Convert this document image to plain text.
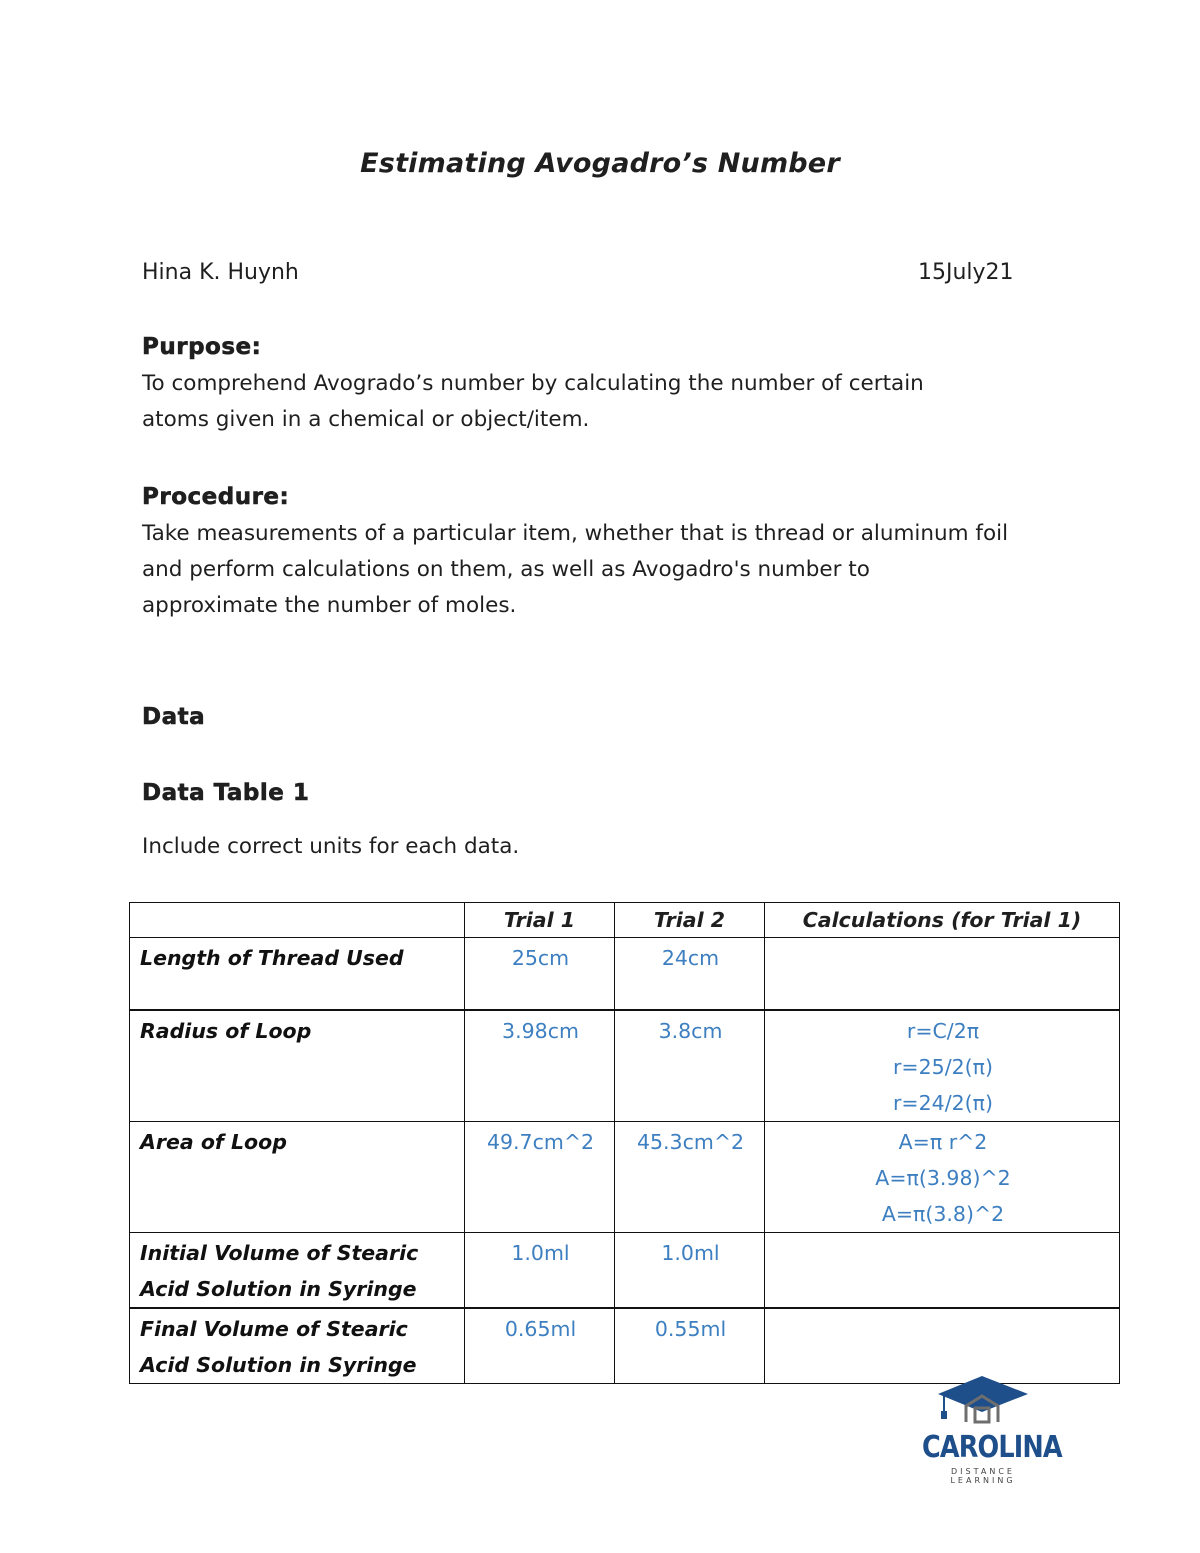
Estimating Avogadro’s Number
Hina K. Huynh	15July21
Purpose:
To comprehend Avogrado’s number by calculating the number of certain
atoms given in a chemical or object/item.
Procedure:
Take measurements of a particular item, whether that is thread or aluminum foil
and perform calculations on them, as well as Avogadro's number to
approximate the number of moles.
Data
Data Table 1
Include correct units for each data.
	Trial 1	Trial 2	Calculations (for Trial 1)

Length of Thread Used	25cm	24cm	

Radius of Loop	3.98cm	3.8cm	r=C/2π
r=25/2(π)
r=24/2(π)

Area of Loop	49.7cm^2	45.3cm^2	A=π r^2
A=π(3.98)^2
A=π(3.8)^2

Initial Volume of Stearic
Acid Solution in Syringe	1.0ml	1.0ml	

Final Volume of Stearic
Acid Solution in Syringe	0.65ml	0.55ml	
CAROLINA
DISTANCE LEARNING
